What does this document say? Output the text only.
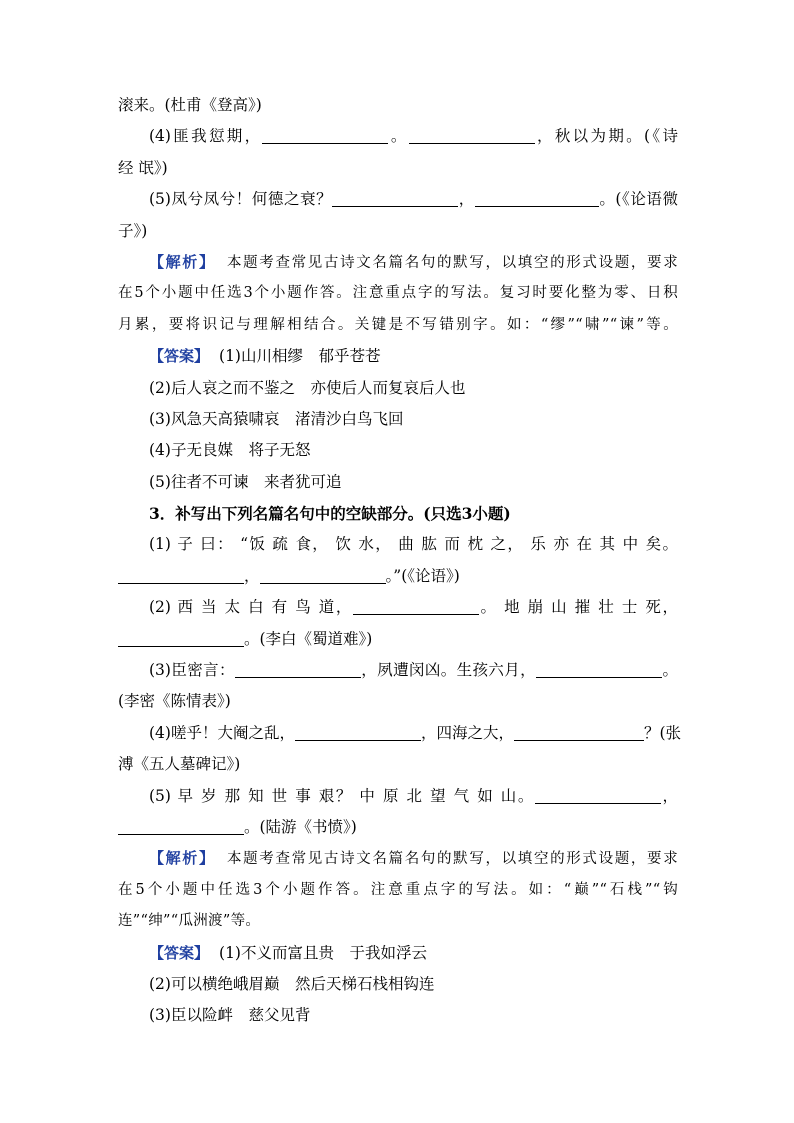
滚来。(杜甫《登高》)
(4)匪我愆期，	。	，秋以为期。(《诗
经 氓》)
(5)凤兮凤兮！何德之衰？	，	。(《论语微
子》)
【解析】 本题考查常见古诗文名篇名句的默写，以填空的形式设题，要求
在5个小题中任选3个小题作答。注意重点字的写法。复习时要化整为零、日积
月累，要将识记与理解相结合。关键是不写错别字。如：“缪”“啸”“谏”等。
【答案】 (1)山川相缪　郁乎苍苍
(2)后人哀之而不鉴之　亦使后人而复哀后人也
(3)风急天高猿啸哀　渚清沙白鸟飞回
(4)子无良媒　将子无怒
(5)往者不可谏　来者犹可追
3．补写出下列名篇名句中的空缺部分。(只选3小题)
(1) 子 曰： “饭 疏 食， 饮 水， 曲 肱 而 枕 之， 乐 亦 在 其 中 矣。
，	。”(《论语》)
(2) 西 当 太 白 有 鸟 道，	。 地 崩 山 摧 壮 士 死，
。(李白《蜀道难》)
(3)臣密言：	，夙遭闵凶。生孩六月，	。
(李密《陈情表》)
(4)嗟乎！大阉之乱，	，四海之大，	？(张
溥《五人墓碑记》)
(5) 早 岁 那 知 世 事 艰？ 中 原 北 望 气 如 山。	，
。(陆游《书愤》)
【解析】 本题考查常见古诗文名篇名句的默写，以填空的形式设题，要求
在5个小题中任选3个小题作答。注意重点字的写法。如：“巅”“石栈”“钩
连”“绅”“瓜洲渡”等。
【答案】 (1)不义而富且贵　于我如浮云
(2)可以横绝峨眉巅　然后天梯石栈相钩连
(3)臣以险衅　慈父见背
